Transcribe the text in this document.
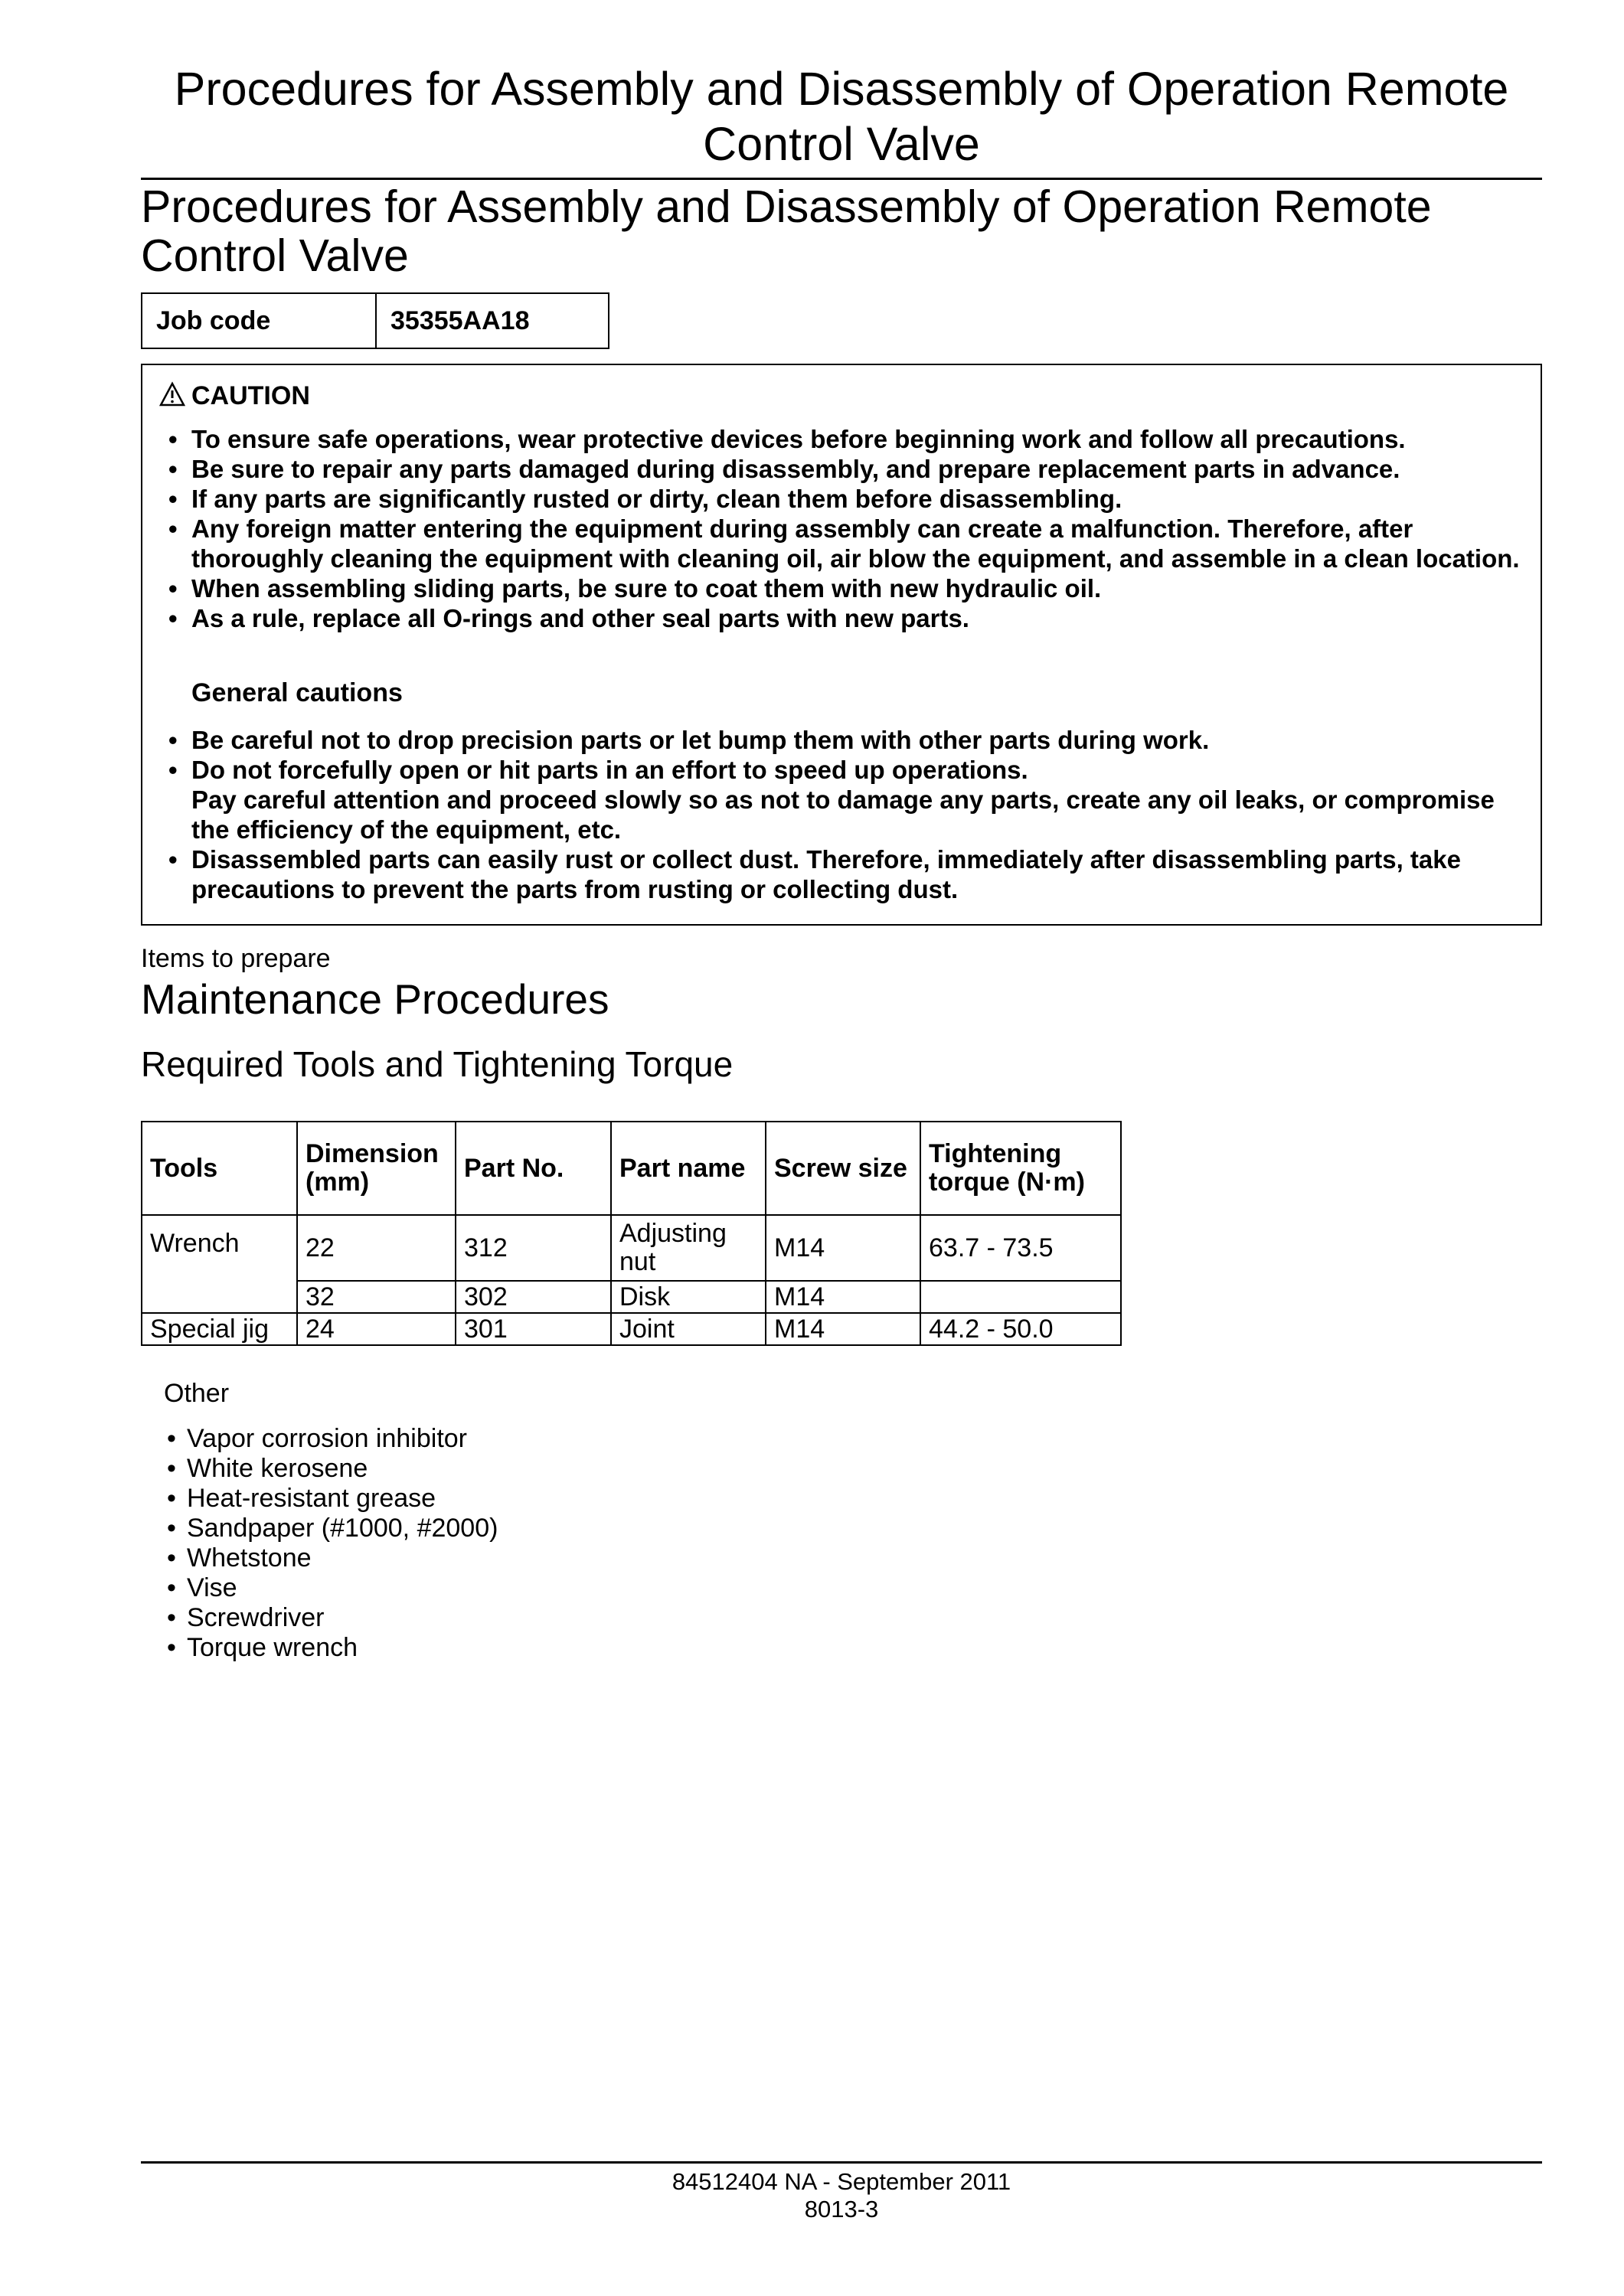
Procedures for Assembly and Disassembly of Operation Remote Control Valve
Procedures for Assembly and Disassembly of Operation Remote Control Valve
Job code	35355AA18
CAUTION
• To ensure safe operations, wear protective devices before beginning work and follow all precautions.
• Be sure to repair any parts damaged during disassembly, and prepare replacement parts in advance.
• If any parts are significantly rusted or dirty, clean them before disassembling.
• Any foreign matter entering the equipment during assembly can create a malfunction. Therefore, after thoroughly cleaning the equipment with cleaning oil, air blow the equipment, and assemble in a clean location.
• When assembling sliding parts, be sure to coat them with new hydraulic oil.
• As a rule, replace all O-rings and other seal parts with new parts.
General cautions
• Be careful not to drop precision parts or let bump them with other parts during work.
• Do not forcefully open or hit parts in an effort to speed up operations.
Pay careful attention and proceed slowly so as not to damage any parts, create any oil leaks, or compromise the efficiency of the equipment, etc.
• Disassembled parts can easily rust or collect dust. Therefore, immediately after disassembling parts, take precautions to prevent the parts from rusting or collecting dust.
Items to prepare
Maintenance Procedures
Required Tools and Tightening Torque
Tools	Dimension (mm)	Part No.	Part name	Screw size	Tightening torque (N·m)
Wrench	22	312	Adjusting nut	M14	63.7 - 73.5
	32	302	Disk	M14	
Special jig	24	301	Joint	M14	44.2 - 50.0
Other
• Vapor corrosion inhibitor
• White kerosene
• Heat-resistant grease
• Sandpaper (#1000, #2000)
• Whetstone
• Vise
• Screwdriver
• Torque wrench
84512404 NA - September 2011
8013-3
